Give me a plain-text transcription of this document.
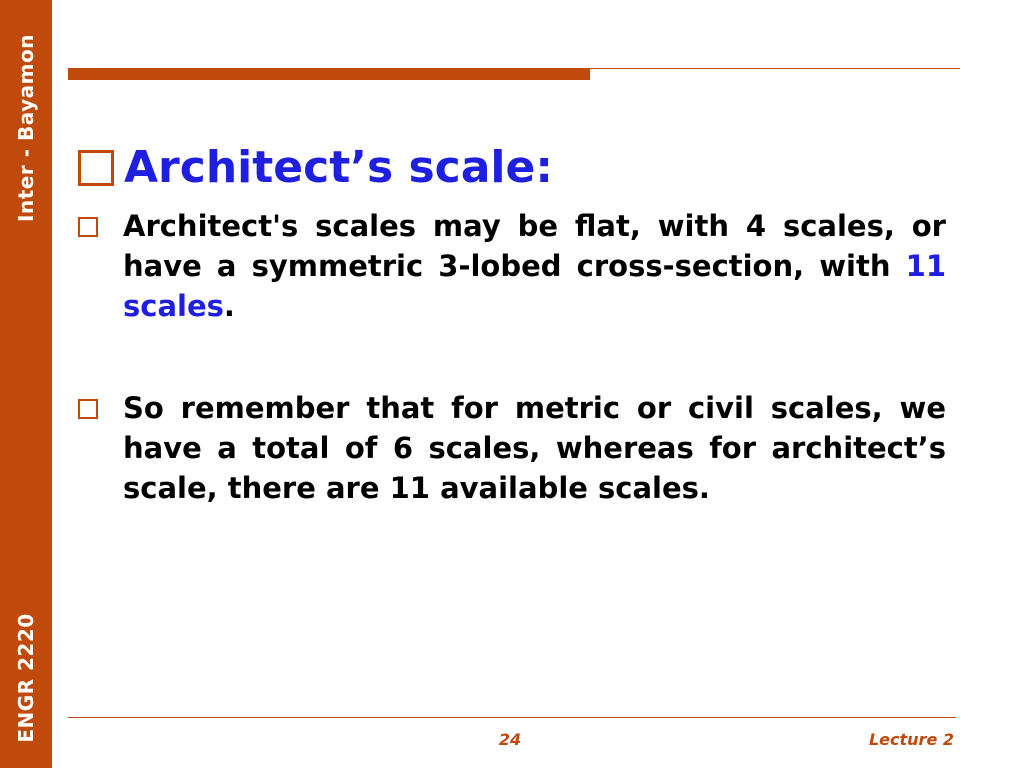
Inter - Bayamon
ENGR 2220
Architect’s scale:
Architect's scales may be flat, with 4 scales, or have a symmetric 3-lobed cross-section, with 11 scales.
So remember that for metric or civil scales, we have a total of 6 scales, whereas for architect’s scale, there are 11 available scales.
24	Lecture 2
